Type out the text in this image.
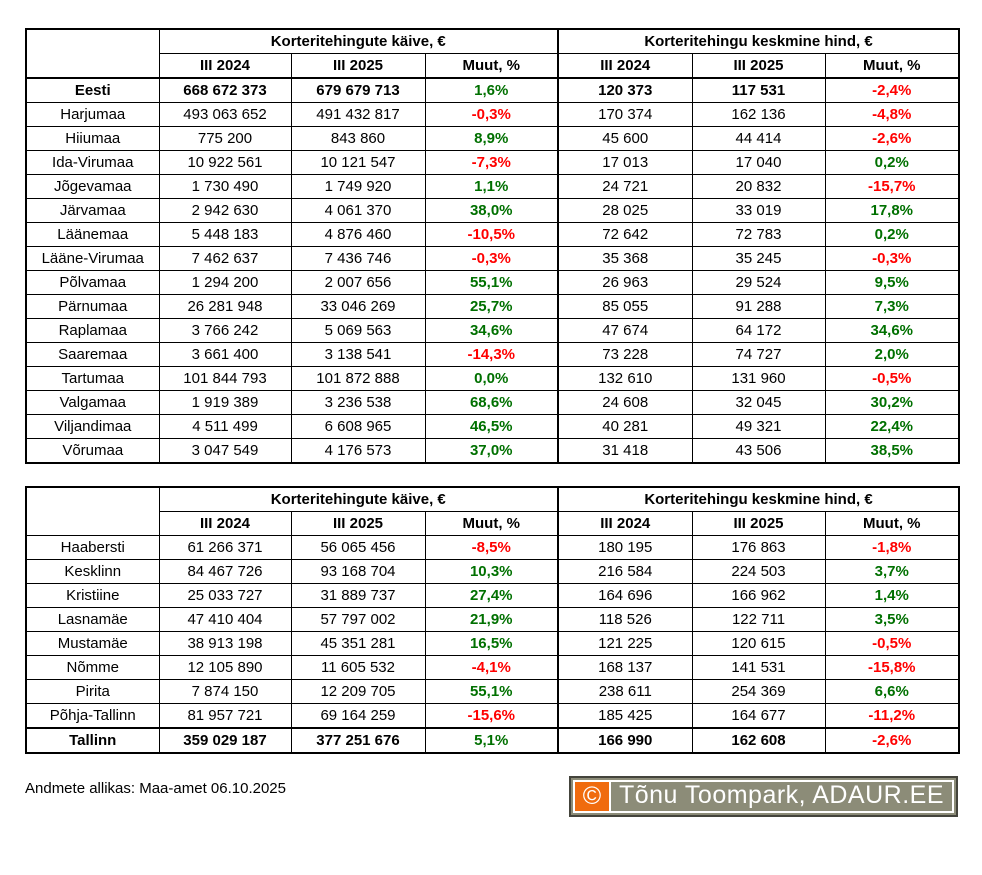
	Korteritehingute käive, €			Korteritehingu keskmine hind, €		
	III 2024	III 2025	Muut, %	III 2024	III 2025	Muut, %
Eesti	668 672 373	679 679 713	1,6%	120 373	117 531	-2,4%
Harjumaa	493 063 652	491 432 817	-0,3%	170 374	162 136	-4,8%
Hiiumaa	775 200	843 860	8,9%	45 600	44 414	-2,6%
Ida-Virumaa	10 922 561	10 121 547	-7,3%	17 013	17 040	0,2%
Jõgevamaa	1 730 490	1 749 920	1,1%	24 721	20 832	-15,7%
Järvamaa	2 942 630	4 061 370	38,0%	28 025	33 019	17,8%
Läänemaa	5 448 183	4 876 460	-10,5%	72 642	72 783	0,2%
Lääne-Virumaa	7 462 637	7 436 746	-0,3%	35 368	35 245	-0,3%
Põlvamaa	1 294 200	2 007 656	55,1%	26 963	29 524	9,5%
Pärnumaa	26 281 948	33 046 269	25,7%	85 055	91 288	7,3%
Raplamaa	3 766 242	5 069 563	34,6%	47 674	64 172	34,6%
Saaremaa	3 661 400	3 138 541	-14,3%	73 228	74 727	2,0%
Tartumaa	101 844 793	101 872 888	0,0%	132 610	131 960	-0,5%
Valgamaa	1 919 389	3 236 538	68,6%	24 608	32 045	30,2%
Viljandimaa	4 511 499	6 608 965	46,5%	40 281	49 321	22,4%
Võrumaa	3 047 549	4 176 573	37,0%	31 418	43 506	38,5%
	Korteritehingute käive, €			Korteritehingu keskmine hind, €		
	III 2024	III 2025	Muut, %	III 2024	III 2025	Muut, %
Haabersti	61 266 371	56 065 456	-8,5%	180 195	176 863	-1,8%
Kesklinn	84 467 726	93 168 704	10,3%	216 584	224 503	3,7%
Kristiine	25 033 727	31 889 737	27,4%	164 696	166 962	1,4%
Lasnamäe	47 410 404	57 797 002	21,9%	118 526	122 711	3,5%
Mustamäe	38 913 198	45 351 281	16,5%	121 225	120 615	-0,5%
Nõmme	12 105 890	11 605 532	-4,1%	168 137	141 531	-15,8%
Pirita	7 874 150	12 209 705	55,1%	238 611	254 369	6,6%
Põhja-Tallinn	81 957 721	69 164 259	-15,6%	185 425	164 677	-11,2%
Tallinn	359 029 187	377 251 676	5,1%	166 990	162 608	-2,6%
Andmete allikas: Maa-amet 06.10.2025	© Tõnu Toompark, ADAUR.EE
